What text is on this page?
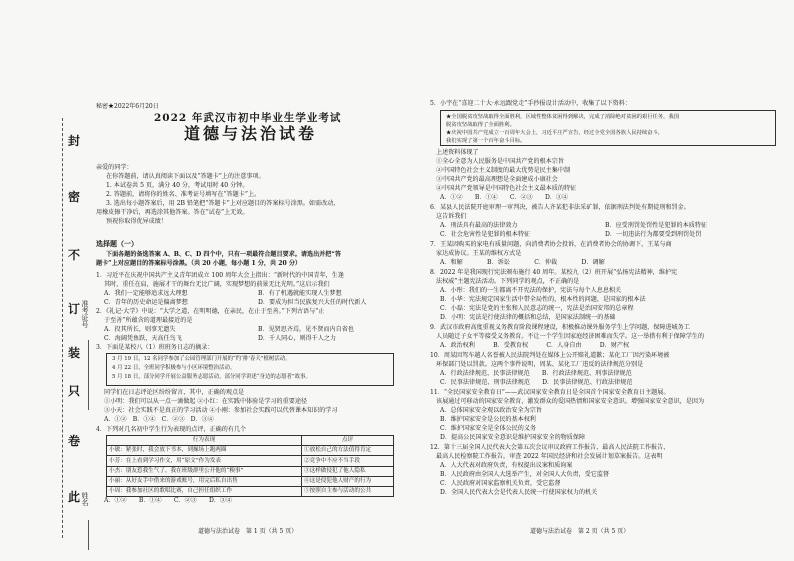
封
密
不
订
装
只
卷
此
准考证号
姓名
秘密★2022年6月20日
2022 年武汉市初中毕业生学业考试
道德与法治试卷
亲爱的同学：
在你答题前，请认真阅读下面以及“答题卡”上的注意事项。
1. 本试卷共 5 页，满分 40 分，考试用时 40 分钟。
2. 答题前，请将你的姓名、准考证号填写在“答题卡”上。
3. 选出每小题答案后，用 2B 铅笔把“答题卡”上对应题目的答案标号涂黑。如需改动，
用橡皮擦干净后，再选涂其他答案。答在“试卷”上无效。
预祝你取得优异成绩！
选择题（一）
下面各题的备选答案 A、B、C、D 四个中，只有一项最符合题目要求。请选出并把“答
题卡”上对应题目的答案标号涂黑。（共 20 小题，每小题 1 分，共 20 分）
1．习近平在庆祝中国共产主义青年团成立 100 周年大会上指出：“新时代的中国青年，生逢
其时，重任在肩，施展才干的舞台无比广阔，实现梦想的前景无比光明。”这启示我们
A．我们一定能够追求远大理想	B．有了机遇就能实现人生梦想
C．青年的历史命运是偏离梦想	D．要成为担当民族复兴大任的时代新人
2．《礼记·大学》中说：“大学之道，在明明德，在亲民，在止于至善。”下列古语与“止
于至善”所蕴含的道理最接近的是
A．投其所长，则事无遗失	B．见贤思齐焉，见不贤而内自省也
C．海阔凭鱼跃，天高任鸟飞	D．千人同心，则得千人之力
3．下面是某校八（1）班班务日志的摘录：
3 月 19 日，12 名同学参加了公园管理部门开展的“约‘排’春天”植树活动。
4 月 22 日，全班同学积极参与小区环境整治活动。
5 月 18 日，部分同学开展公益服务志愿活动，部分同学讲述“身边的志愿者”故事。
同学们在日志评论区纷纷留言，其中，正确的观点是
①小明：我们可以从一点一滴做起 ②小红：在实践中体验是学习的重要途径
③小天：社会实践不是真正的学习活动 ④小刚：参加社会实践可以代替课本知识的学习
A．①②　B．①④　C．②③　D．③④
4．下列对几名初中学生行为表现的点评，正确的有几个
行为表现	点评
小敏：紧张时，我会放下书本，到操场上跑两圈	①放松自己的方法值得肯定
小芳：在上看到学习作文，用“原文”作为发表	②竞争中不应不当手段
小杰：朋友惹我生气了，我在班级群里公开他的“糗事”	③这样做侵犯了他人隐私
小丽：从好友手中借来的游戏账号，用完后私自出售	④这是侵犯他人财产的行为
小周：我参加社区的歌唱比赛，自己担任组织工作	⑤按照自主参与活动的公共
A．①②　　B．①④　　C．②③　　D．③④
道德与法治试卷　第 1 页（共 5 页）
5．小宇在“喜迎二十大·永远跟党走”手抄报设计活动中，收集了以下资料：
★全国脱贫攻坚战取得全面胜利，区域性整体贫困得到解决，完成了消除绝对贫困的艰巨任务，我国
脱贫攻坚战取得了全面胜利。
★庆祝中国共产党成立一百周年大会上，习近平庄严宣告，经过全党全国各族人民持续奋斗，
我们实现了第一个百年奋斗目标。
上述资料体现了
①全心全意为人民服务是中国共产党的根本宗旨
②中国特色社会主义制度的最大优势是民主集中制
③中国共产党的最高理想是全面建成小康社会
④中国共产党领导是中国特色社会主义最本质的特征
A．①②　　B．①④　　C．②③　　D．③④
6．某县人民法院开庭审理一审判决，被告人齐某犯非法采矿罪，依据刑法判处有期徒刑和罚金。
这告诉我们
A．刑法具有最高的法律效力	B．应受刑罚处罚性是犯罪的本质特征
C．社会危害性是犯罪的根本特征	D．一切违法行为都要受到刑罚处罚
7．王某因购买的家电有质量问题，向消费者协会投诉，在消费者协会的协调下，王某与商
家达成协议。王某的维权方式是
A．和解　　　　B．诉讼　　　　C．仲裁　　　　D．调解
8．2022 年是我国现行宪法颁布施行 40 周年。某校九（2）班开展“弘扬宪法精神，维护宪
法权威”主题宪法活动。下列同学的观点，不正确的是
A．小彤：我们的一生都离不开宪法的保护，宪法与每个人息息相关
B．小华：宪法规定国家生活中带全局性的，根本性的问题，是国家的根本法
C．小磊：宪法是党的主张和人民意志的统一，宪法是治国安邦的总章程
D．小明：宪法是行使法律的概括和总结，是国家法制统一的基础
9．武汉市政府高度重视义务教育阶段课程建设，积极推动课外服务学生上学问题，保障进城务工
人员随迁子女平等接受义务教育。不让一个学生因家庭经济困难而失学。这一举措有利于保障学生的
A．政治权利　　　B．受教育权　　　C．人身自由　　　D．财产权
10．周某因驾车越人名誉被人民法院判处在媒体上公开赔礼道歉；某化工厂因污染环境被
环保部门处以罚款。这两个事件说明，周某、某化工厂违反的法律规范分别是
A．行政法律规范、民事法律规范　　B．行政法律规范、刑事法律规范
C．民事法律规范、刑事法律规范　　D．民事法律规范、行政法律规范
11．“全民国家安全教育日”——武汉国家安全教育日是全国首个国家安全教育日主题展。
该展通过可移动的国家安全教育，激发群众的爱国热情和国家安全意识。增强国家安全意识，是因为
A．总体国家安全观以政治安全为宗旨
B．维护国家安全是公民的基本权利
C．维护国家安全是全体公民的义务
D．提高公民国家安全意识是维护国家安全的物质保障
12．第十三届全国人民代表大会第五次会议审议政府工作报告、最高人民法院工作报告、
最高人民检察院工作报告，审查 2022 年国民经济和社会发展计划草案报告。这表明
A．人大代表对政府负责，有权提出议案和质询案
B．人民政府由全国人大选举产生，对全国人大负责，受它监督
C．人民政府对国家监察机关负责，受它监督
D．全国人民代表大会是代表人民统一行使国家权力的机关
道德与法治试卷　第 2 页（共 5 页）
